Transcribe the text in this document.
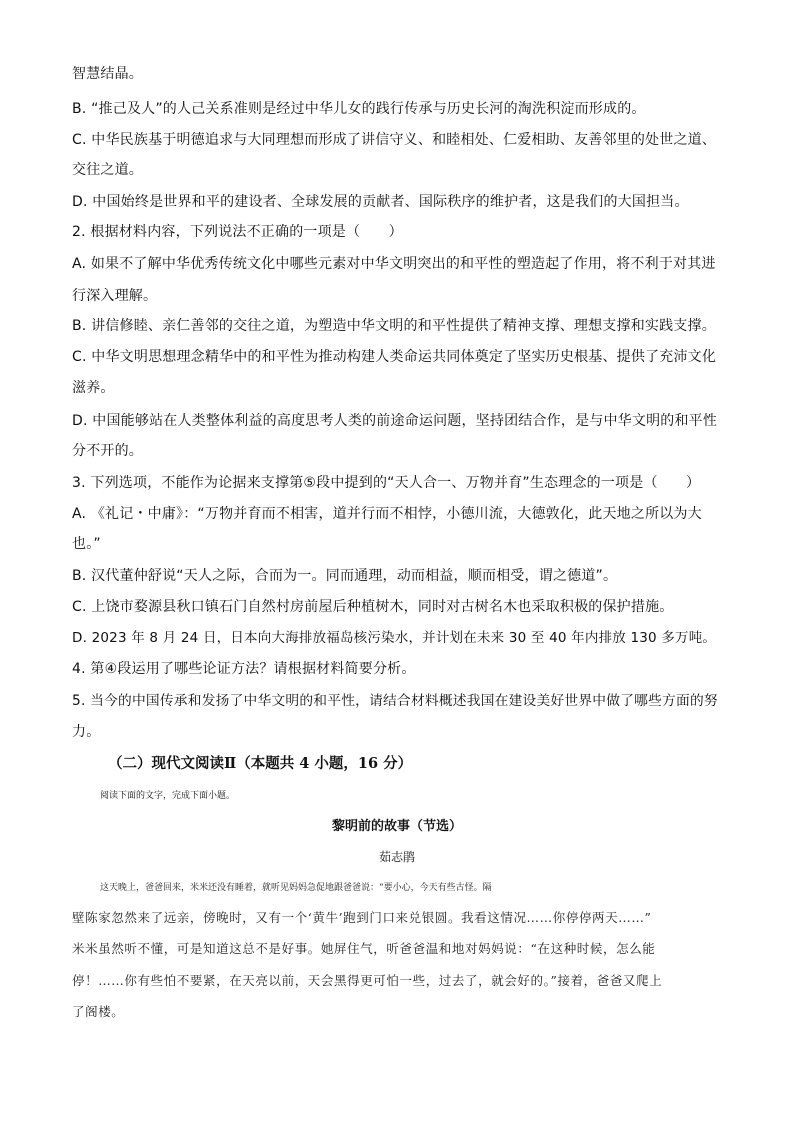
智慧结晶。
B. “推己及人”的人己关系准则是经过中华儿女的践行传承与历史长河的淘洗积淀而形成的。
C. 中华民族基于明德追求与大同理想而形成了讲信守义、和睦相处、仁爱相助、友善邻里的处世之道、
交往之道。
D. 中国始终是世界和平的建设者、全球发展的贡献者、国际秩序的维护者，这是我们的大国担当。
2. 根据材料内容，下列说法不正确的一项是（　　）
A. 如果不了解中华优秀传统文化中哪些元素对中华文明突出的和平性的塑造起了作用，将不利于对其进
行深入理解。
B. 讲信修睦、亲仁善邻的交往之道，为塑造中华文明的和平性提供了精神支撑、理想支撑和实践支撑。
C. 中华文明思想理念精华中的和平性为推动构建人类命运共同体奠定了坚实历史根基、提供了充沛文化
滋养。
D. 中国能够站在人类整体利益的高度思考人类的前途命运问题，坚持团结合作，是与中华文明的和平性
分不开的。
3. 下列选项，不能作为论据来支撑第⑤段中提到的“天人合一、万物并育”生态理念的一项是（　　）
A. 《礼记・中庸》：“万物并育而不相害，道并行而不相悖，小德川流，大德敦化，此天地之所以为大
也。”
B. 汉代董仲舒说“天人之际，合而为一。同而通理，动而相益，顺而相受，谓之德道”。
C. 上饶市婺源县秋口镇石门自然村房前屋后种植树木，同时对古树名木也采取积极的保护措施。
D. 2023 年 8 月 24 日，日本向大海排放福岛核污染水，并计划在未来 30 至 40 年内排放 130 多万吨。
4. 第④段运用了哪些论证方法？请根据材料简要分析。
5. 当今的中国传承和发扬了中华文明的和平性，请结合材料概述我国在建设美好世界中做了哪些方面的努
力。
（二）现代文阅读Ⅱ（本题共 4 小题，16 分）
阅读下面的文字，完成下面小题。
黎明前的故事（节选）
茹志鹃
这天晚上，爸爸回来，米米还没有睡着，就听见妈妈急促地跟爸爸说：“要小心，今天有些古怪。隔
壁陈家忽然来了远亲，傍晚时，又有一个‘黄牛’跑到门口来兑银圆。我看这情况……你停停两天……”
米米虽然听不懂，可是知道这总不是好事。她屏住气，听爸爸温和地对妈妈说：“在这种时候，怎么能
停！……你有些怕不要紧，在天亮以前，天会黑得更可怕一些，过去了，就会好的。”接着，爸爸又爬上
了阁楼。
